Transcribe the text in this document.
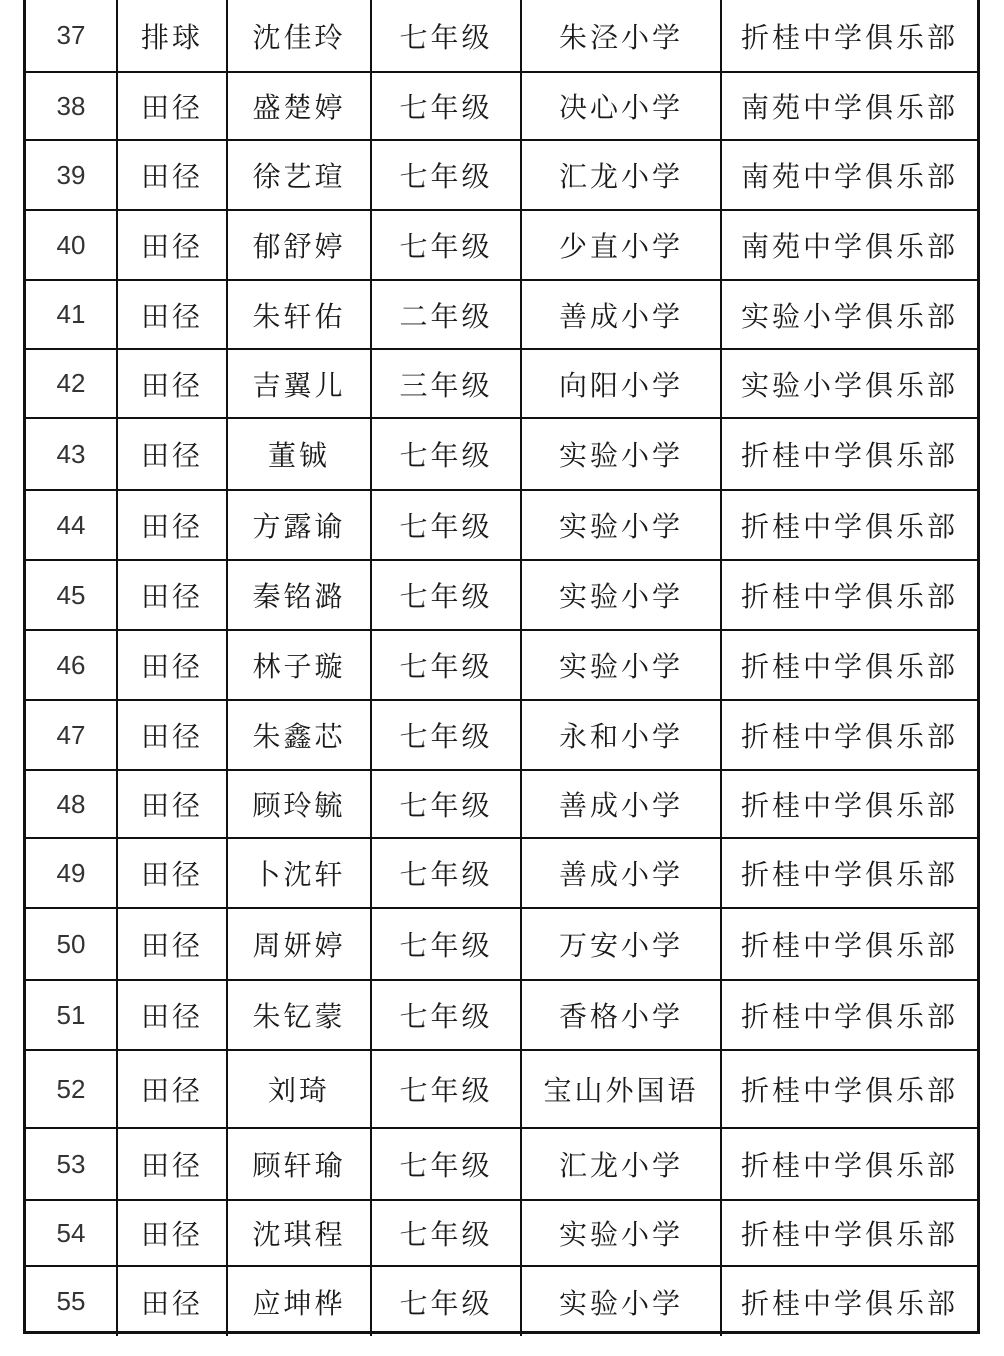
37	排球	沈佳玲	七年级	朱泾小学	折桂中学俱乐部
38	田径	盛楚婷	七年级	决心小学	南苑中学俱乐部
39	田径	徐艺瑄	七年级	汇龙小学	南苑中学俱乐部
40	田径	郁舒婷	七年级	少直小学	南苑中学俱乐部
41	田径	朱轩佑	二年级	善成小学	实验小学俱乐部
42	田径	吉翼儿	三年级	向阳小学	实验小学俱乐部
43	田径	董铖	七年级	实验小学	折桂中学俱乐部
44	田径	方露谕	七年级	实验小学	折桂中学俱乐部
45	田径	秦铭潞	七年级	实验小学	折桂中学俱乐部
46	田径	林子璇	七年级	实验小学	折桂中学俱乐部
47	田径	朱鑫芯	七年级	永和小学	折桂中学俱乐部
48	田径	顾玲毓	七年级	善成小学	折桂中学俱乐部
49	田径	卜沈轩	七年级	善成小学	折桂中学俱乐部
50	田径	周妍婷	七年级	万安小学	折桂中学俱乐部
51	田径	朱钇蒙	七年级	香格小学	折桂中学俱乐部
52	田径	刘琦	七年级	宝山外国语	折桂中学俱乐部
53	田径	顾轩瑜	七年级	汇龙小学	折桂中学俱乐部
54	田径	沈琪程	七年级	实验小学	折桂中学俱乐部
55	田径	应坤桦	七年级	实验小学	折桂中学俱乐部
